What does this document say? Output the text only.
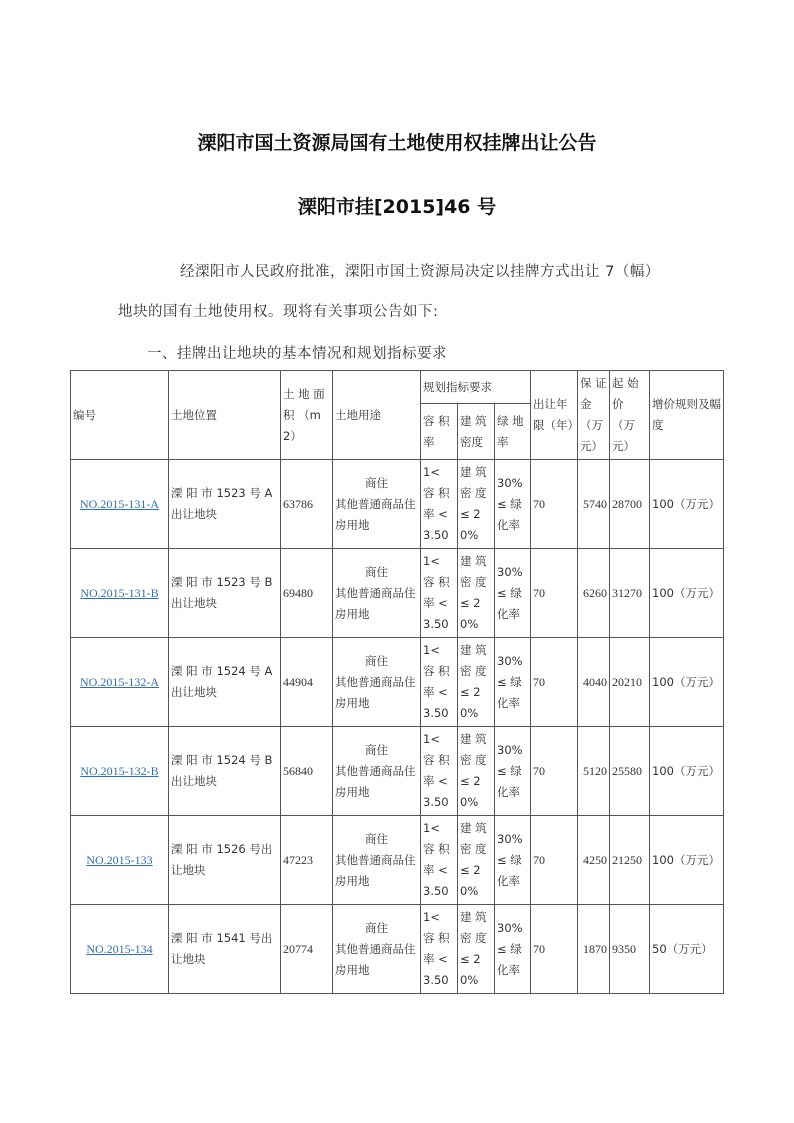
溧阳市国土资源局国有土地使用权挂牌出让公告
溧阳市挂[2015]46 号
经溧阳市人民政府批准，溧阳市国土资源局决定以挂牌方式出让 7（幅）
地块的国有土地使用权。现将有关事项公告如下:
一、挂牌出让地块的基本情况和规划指标要求
编号	土地位置	土 地 面 积 （m2）	土地用途	规划指标要求			出让年限（年）	保 证 金 （万元）	起 始 价 （万元）	增价规则及幅度
				容 积率	建 筑 密度	绿 地 率				
NO.2015-131-A	溧 阳 市 1523 号 A 出让地块	63786	商住
其他普通商品住房用地	1< 容 积 率 <3.50	建 筑 密 度 ≤ 20%	30% ≤ 绿 化率	70	5740	28700	100（万元）
NO.2015-131-B	溧 阳 市 1523 号 B 出让地块	69480	商住
其他普通商品住房用地	1< 容 积 率 <3.50	建 筑 密 度 ≤ 20%	30% ≤ 绿 化率	70	6260	31270	100（万元）
NO.2015-132-A	溧 阳 市 1524 号 A 出让地块	44904	商住
其他普通商品住房用地	1< 容 积 率 <3.50	建 筑 密 度 ≤ 20%	30% ≤ 绿 化率	70	4040	20210	100（万元）
NO.2015-132-B	溧 阳 市 1524 号 B 出让地块	56840	商住
其他普通商品住房用地	1< 容 积 率 <3.50	建 筑 密 度 ≤ 20%	30% ≤ 绿 化率	70	5120	25580	100（万元）
NO.2015-133	溧 阳 市 1526 号出让地块	47223	商住
其他普通商品住房用地	1< 容 积 率 <3.50	建 筑 密 度 ≤ 20%	30% ≤ 绿 化率	70	4250	21250	100（万元）
NO.2015-134	溧 阳 市 1541 号出让地块	20774	商住
其他普通商品住房用地	1< 容 积 率 <3.50	建 筑 密 度 ≤ 20%	30% ≤ 绿 化率	70	1870	9350	50（万元）
